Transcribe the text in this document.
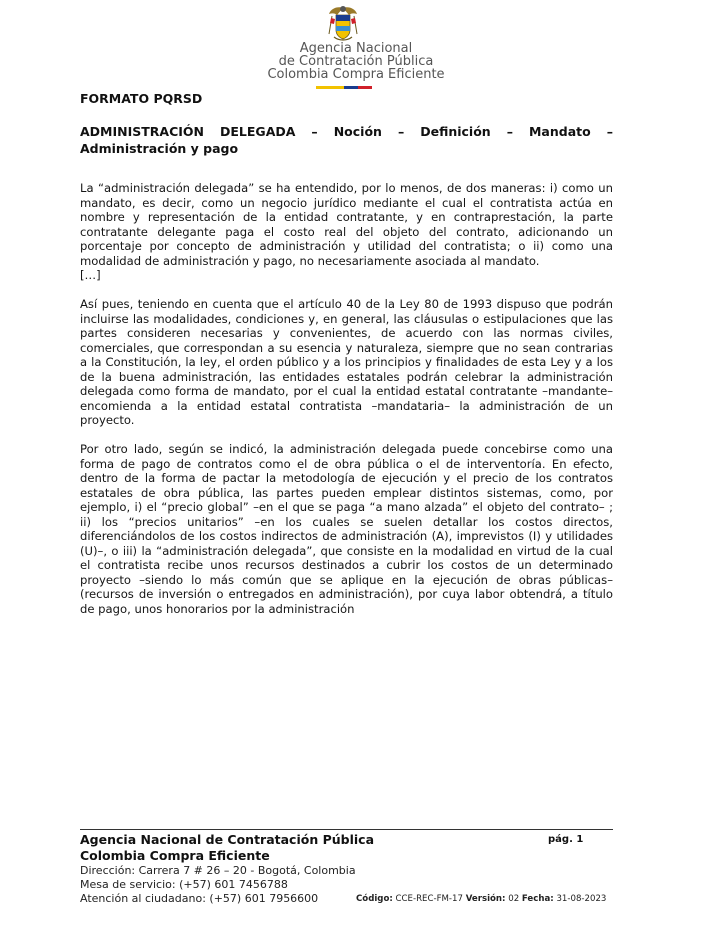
Agencia Nacional
de Contratación Pública
Colombia Compra Eficiente
FORMATO PQRSD
ADMINISTRACIÓN DELEGADA – Noción – Definición – Mandato – Administración y pago

La “administración delegada” se ha entendido, por lo menos, de dos maneras: i) como un mandato, es decir, como un negocio jurídico mediante el cual el contratista actúa en nombre y representación de la entidad contratante, y en contraprestación, la parte contratante delegante paga el costo real del objeto del contrato, adicionando un porcentaje por concepto de administración y utilidad del contratista; o ii) como una modalidad de administración y pago, no necesariamente asociada al mandato.

[…]

Así pues, teniendo en cuenta que el artículo 40 de la Ley 80 de 1993 dispuso que podrán incluirse las modalidades, condiciones y, en general, las cláusulas o estipulaciones que las partes consideren necesarias y convenientes, de acuerdo con las normas civiles, comerciales, que correspondan a su esencia y naturaleza, siempre que no sean contrarias a la Constitución, la ley, el orden público y a los principios y finalidades de esta Ley y a los de la buena administración, las entidades estatales podrán celebrar la administración delegada como forma de mandato, por el cual la entidad estatal contratante –mandante– encomienda a la entidad estatal contratista –mandataria– la administración de un proyecto.

Por otro lado, según se indicó, la administración delegada puede concebirse como una forma de pago de contratos como el de obra pública o el de interventoría. En efecto, dentro de la forma de pactar la metodología de ejecución y el precio de los contratos estatales de obra pública, las partes pueden emplear distintos sistemas, como, por ejemplo, i) el “precio global” –en el que se paga “a mano alzada” el objeto del contrato– ; ii) los “precios unitarios” –en los cuales se suelen detallar los costos directos, diferenciándolos de los costos indirectos de administración (A), imprevistos (I) y utilidades (U)–, o iii) la “administración delegada”, que consiste en la modalidad en virtud de la cual el contratista recibe unos recursos destinados a cubrir los costos de un determinado proyecto –siendo lo más común que se aplique en la ejecución de obras públicas– (recursos de inversión o entregados en administración), por cuya labor obtendrá, a título de pago, unos honorarios por la administración

Agencia Nacional de Contratación Pública
Colombia Compra Eficiente
pág. 1
Dirección: Carrera 7 # 26 – 20 - Bogotá, Colombia
Mesa de servicio: (+57) 601 7456788
Atención al ciudadano: (+57) 601 7956600	Código: CCE-REC-FM-17 Versión: 02 Fecha: 31-08-2023
